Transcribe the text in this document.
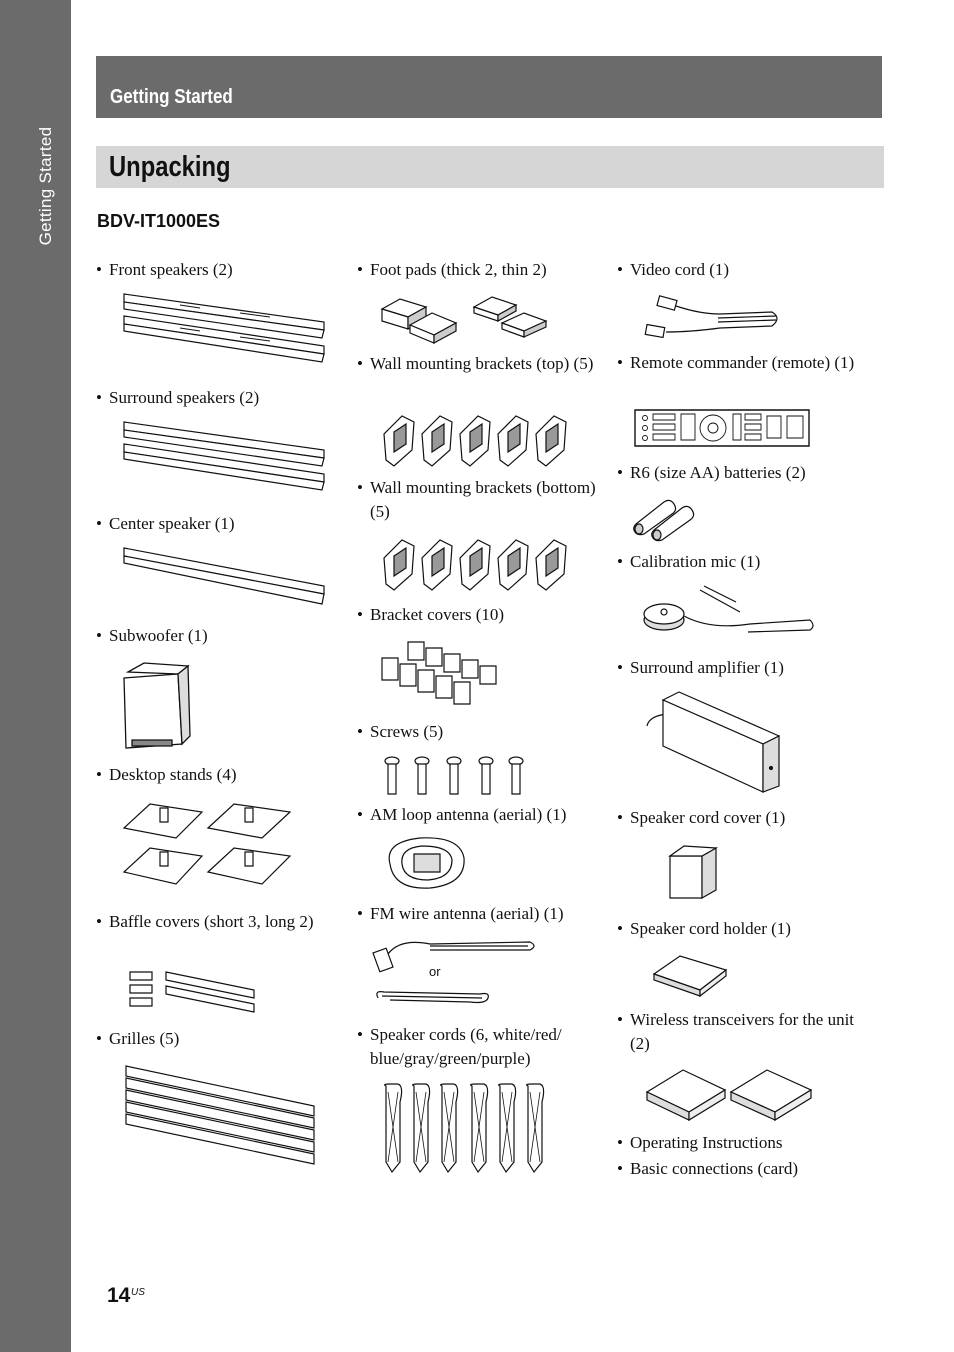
Getting Started
Getting Started
Unpacking
BDV-IT1000ES
• Front speakers (2)
• Surround speakers (2)
• Center speaker (1)
• Subwoofer (1)
• Desktop stands (4)
• Baffle covers (short 3, long 2)
• Grilles (5)
• Foot pads (thick 2, thin 2)
• Wall mounting brackets (top) (5)
• Wall mounting brackets (bottom) (5)
• Bracket covers (10)
• Screws (5)
• AM loop antenna (aerial) (1)
• FM wire antenna (aerial) (1)
or
• Speaker cords (6, white/red/ blue/gray/green/purple)
• Video cord (1)
• Remote commander (remote) (1)
• R6 (size AA) batteries (2)
• Calibration mic (1)
• Surround amplifier (1)
• Speaker cord cover (1)
• Speaker cord holder (1)
• Wireless transceivers for the unit (2)
• Operating Instructions
• Basic connections (card)
14 US
